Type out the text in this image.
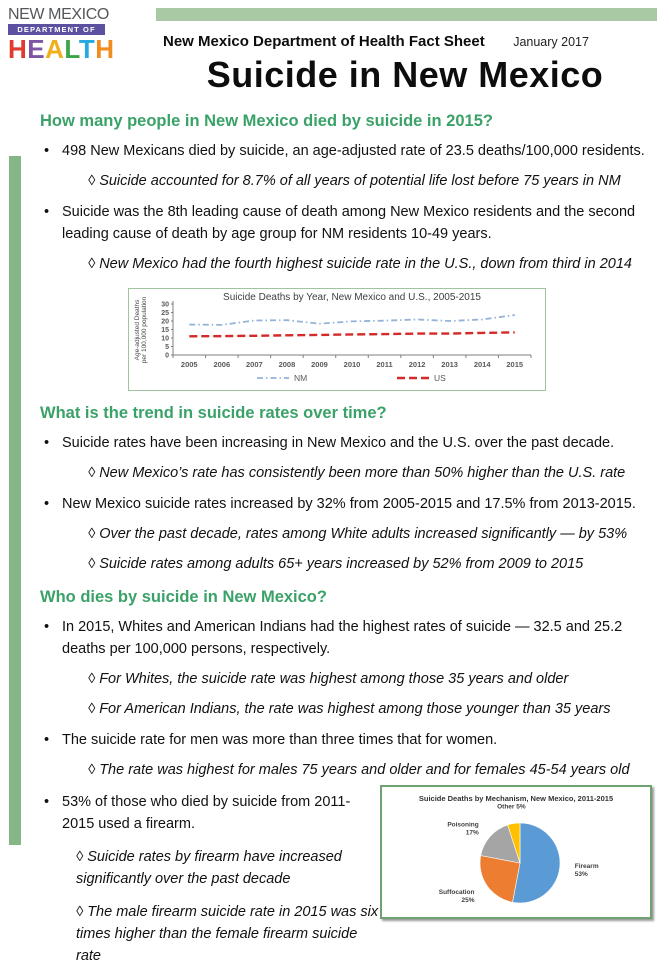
NEW MEXICO
DEPARTMENT OF
HEALTH	New Mexico Department of Health Fact Sheet January 2017
Suicide in New Mexico
How many people in New Mexico died by suicide in 2015?
• 498 New Mexicans died by suicide, an age-adjusted rate of 23.5 deaths/100,000 residents.
◊ Suicide accounted for 8.7% of all years of potential life lost before 75 years in NM
• Suicide was the 8th leading cause of death among New Mexico residents and the second leading cause of death by age group for NM residents 10-49 years.
◊ New Mexico had the fourth highest suicide rate in the U.S., down from third in 2014
Suicide Deaths by Year, New Mexico and U.S., 2005-2015
Age-adjusted Deathsper 100,000 population 0
5
10
15
20
25
30
2005 2006 2007 2008 2009 2010 2011 2012 2013 2014 2015
NM	US
What is the trend in suicide rates over time?
• Suicide rates have been increasing in New Mexico and the U.S. over the past decade.
◊ New Mexico’s rate has consistently been more than 50% higher than the U.S. rate
• New Mexico suicide rates increased by 32% from 2005-2015 and 17.5% from 2013-2015.
◊ Over the past decade, rates among White adults increased significantly — by 53%
◊ Suicide rates among adults 65+ years increased by 52% from 2009 to 2015
Who dies by suicide in New Mexico?
• In 2015, Whites and American Indians had the highest rates of suicide — 32.5 and 25.2 deaths per 100,000 persons, respectively.
◊ For Whites, the suicide rate was highest among those 35 years and older
◊ For American Indians, the rate was highest among those younger than 35 years
• The suicide rate for men was more than three times that for women.
◊ The rate was highest for males 75 years and older and for females 45-54 years old
• 53% of those who died by suicide from 2011-2015 used a firearm.
◊ Suicide rates by firearm have increased significantly over the past decade
◊ The male firearm suicide rate in 2015 was six times higher than the female firearm suicide rate
Suicide Deaths by Mechanism, New Mexico, 2011-2015
Firearm 53%
Suffocation 25%
Poisoning 17%
Other 5%
